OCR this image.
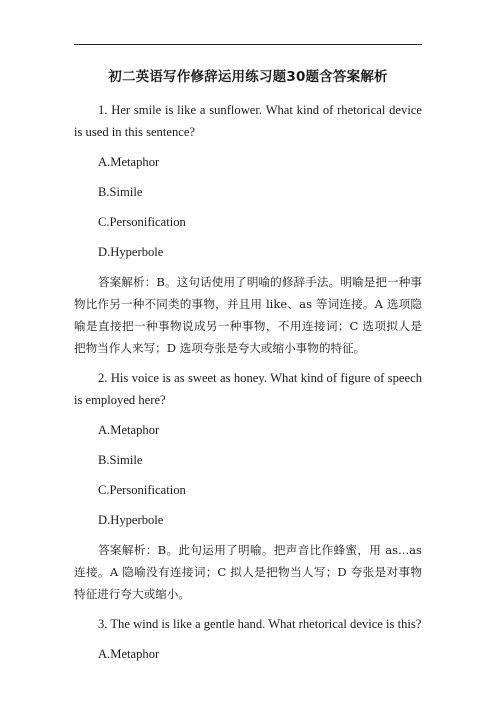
初二英语写作修辞运用练习题30题含答案解析
1. Her smile is like a sunflower. What kind of rhetorical device is used in this sentence?
A.Metaphor
B.Simile
C.Personification
D.Hyperbole
答案解析：B。这句话使用了明喻的修辞手法。明喻是把一种事物比作另一种不同类的事物，并且用 like、as 等词连接。A 选项隐喻是直接把一种事物说成另一种事物，不用连接词；C 选项拟人是把物当作人来写；D 选项夸张是夸大或缩小事物的特征。
2. His voice is as sweet as honey. What kind of figure of speech is employed here?
A.Metaphor
B.Simile
C.Personification
D.Hyperbole
答案解析：B。此句运用了明喻。把声音比作蜂蜜，用 as...as 连接。A 隐喻没有连接词；C 拟人是把物当人写；D 夸张是对事物特征进行夸大或缩小。
3. The wind is like a gentle hand. What rhetorical device is this?
A.Metaphor
